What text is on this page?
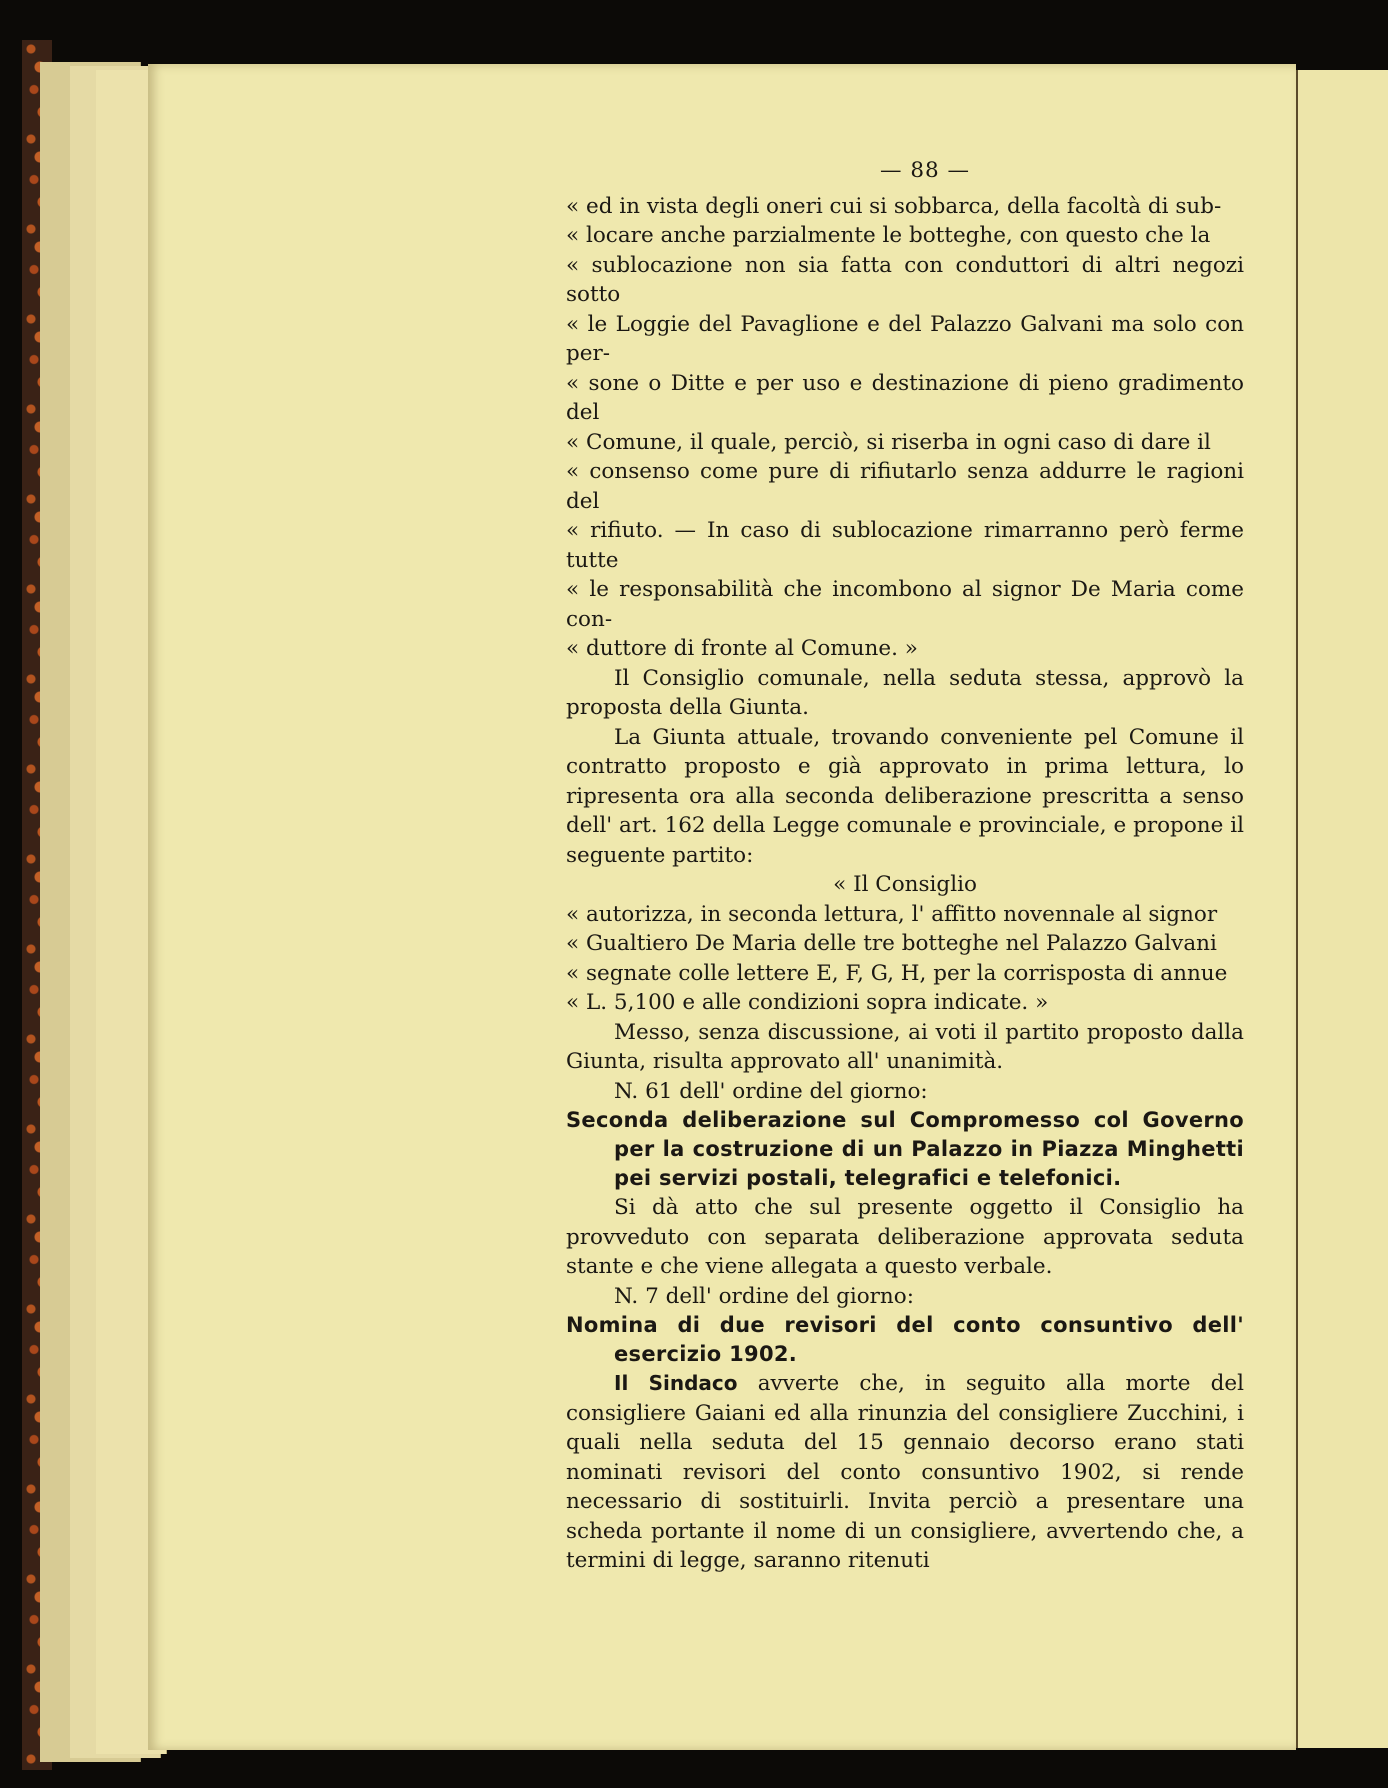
— 88 —

« ed in vista degli oneri cui si sobbarca, della facoltà di sub-

« locare anche parzialmente le botteghe, con questo che la

« sublocazione non sia fatta con conduttori di altri negozi sotto

« le Loggie del Pavaglione e del Palazzo Galvani ma solo con per-

« sone o Ditte e per uso e destinazione di pieno gradimento del

« Comune, il quale, perciò, si riserba in ogni caso di dare il

« consenso come pure di rifiutarlo senza addurre le ragioni del

« rifiuto. — In caso di sublocazione rimarranno però ferme tutte

« le responsabilità che incombono al signor De Maria come con-

« duttore di fronte al Comune. »

Il Consiglio comunale, nella seduta stessa, approvò la proposta della Giunta.

La Giunta attuale, trovando conveniente pel Comune il contratto proposto e già approvato in prima lettura, lo ripresenta ora alla seconda deliberazione prescritta a senso dell' art. 162 della Legge comunale e provinciale, e propone il seguente partito:

« Il Consiglio

« autorizza, in seconda lettura, l' affitto novennale al signor

« Gualtiero De Maria delle tre botteghe nel Palazzo Galvani

« segnate colle lettere E, F, G, H, per la corrisposta di annue

« L. 5,100 e alle condizioni sopra indicate. »

Messo, senza discussione, ai voti il partito proposto dalla Giunta, risulta approvato all' unanimità.

N. 61 dell' ordine del giorno:

Seconda deliberazione sul Compromesso col Governo per la costruzione di un Palazzo in Piazza Minghetti pei servizi postali, telegrafici e telefonici.

Si dà atto che sul presente oggetto il Consiglio ha provveduto con separata deliberazione approvata seduta stante e che viene allegata a questo verbale.

N. 7 dell' ordine del giorno:

Nomina di due revisori del conto consuntivo dell' esercizio 1902.

Il Sindaco avverte che, in seguito alla morte del consigliere Gaiani ed alla rinunzia del consigliere Zucchini, i quali nella seduta del 15 gennaio decorso erano stati nominati revisori del conto consuntivo 1902, si rende necessario di sostituirli. Invita perciò a presentare una scheda portante il nome di un consigliere, avvertendo che, a termini di legge, saranno ritenuti
